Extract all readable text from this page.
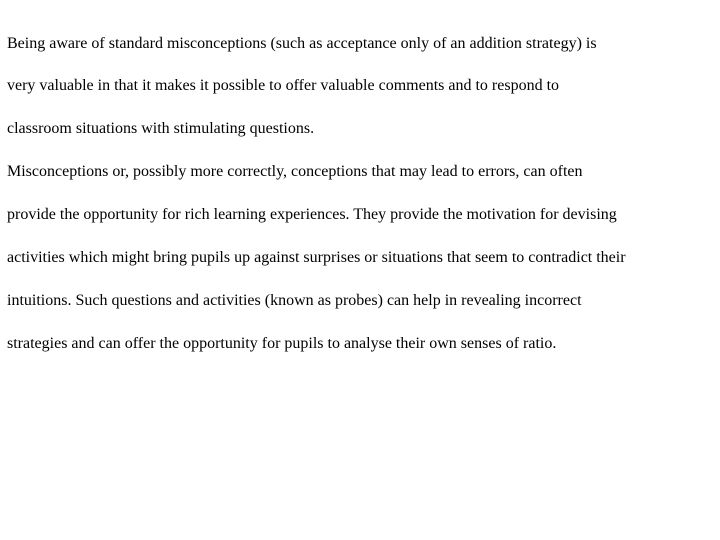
Being aware of standard misconceptions (such as acceptance only of an addition strategy) is
very valuable in that it makes it possible to offer valuable comments and to respond to
classroom situations with stimulating questions.
Misconceptions or, possibly more correctly, conceptions that may lead to errors, can often
provide the opportunity for rich learning experiences. They provide the motivation for devising
activities which might bring pupils up against surprises or situations that seem to contradict their
intuitions. Such questions and activities (known as probes) can help in revealing incorrect
strategies and can offer the opportunity for pupils to analyse their own senses of ratio.
